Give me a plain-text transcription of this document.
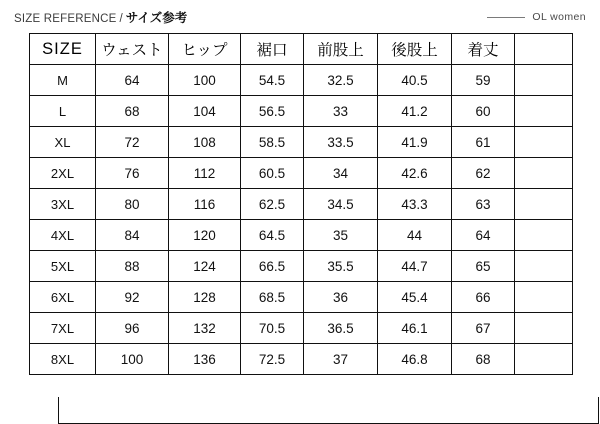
SIZE REFERENCE / サイズ参考	OL women
SIZE	ウェスト	ヒップ	裾口	前股上	後股上	着丈	
M	64	100	54.5	32.5	40.5	59	
L	68	104	56.5	33	41.2	60	
XL	72	108	58.5	33.5	41.9	61	
2XL	76	112	60.5	34	42.6	62	
3XL	80	116	62.5	34.5	43.3	63	
4XL	84	120	64.5	35	44	64	
5XL	88	124	66.5	35.5	44.7	65	
6XL	92	128	68.5	36	45.4	66	
7XL	96	132	70.5	36.5	46.1	67	
8XL	100	136	72.5	37	46.8	68	
